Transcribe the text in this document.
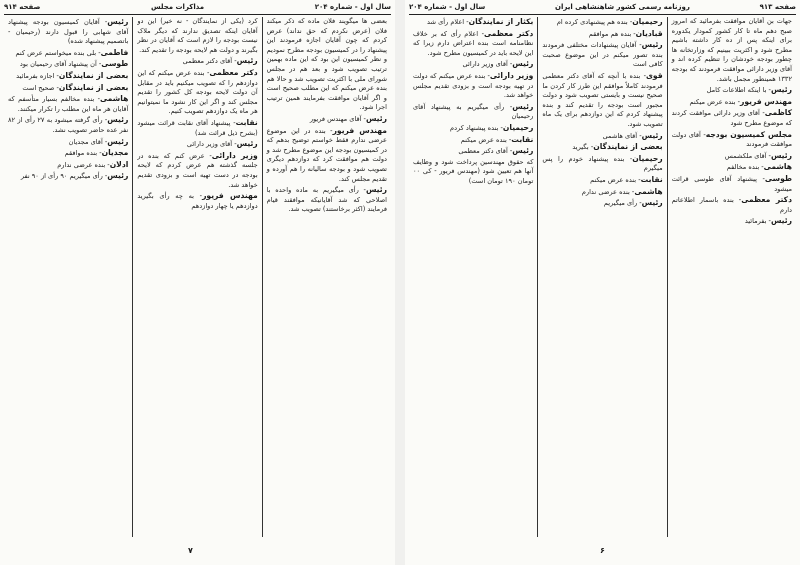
سال اول - شماره ۲۰۴
مذاکرات مجلس
صفحه ۹۱۴

بعضی ها میگویند فلان ماده که ذکر میکند فلان (عرض نکردم که حق نداند) عرض کردم که چون آقایان اجازه فرمودند این پیشنهاد را در کمیسیون بودجه مطرح نمودیم و نظر کمیسیون این بود که این ماده بهمین ترتیب تصویب شود و بعد هم در مجلس شورای ملی با اکثریت تصویب شد و حالا هم بنده عرض میکنم که این مطلب صحیح است و اگر آقایان موافقت بفرمایند همین ترتیب اجرا شود.

رئیس- آقای مهندس فریور

مهندس فریور- بنده در این موضوع عرضی ندارم فقط خواستم توضیح بدهم که در کمیسیون بودجه این موضوع مطرح شد و دولت هم موافقت کرد که دوازدهم دیگری تصویب شود و بودجه سالیانه را هم آورده و تقدیم مجلس کند.

رئیس- رأی میگیریم به ماده واحده با اصلاحی که شد آقایانیکه موافقند قیام فرمایند (اکثر برخاستند) تصویب شد.

کرد (یکی از نمایندگان - نه خیر) این دو آقایان اینکه تصدیق ندارند که دیگر ملاک نیست بودجه را لازم است که آقایان در نظر بگیرند و دولت هم لایحه بودجه را تقدیم کند.

رئیس- آقای دکتر معظمی

دکتر معظمی- بنده عرض میکنم که این دوازدهم را که تصویب میکنیم باید در مقابل آن دولت لایحه بودجه کل کشور را تقدیم مجلس کند و اگر این کار نشود ما نمیتوانیم هر ماه یک دوازدهم تصویب کنیم.

نقابت- پیشنهاد آقای نقابت قرائت میشود (بشرح ذیل قرائت شد)

رئیس- آقای وزیر دارائی

وزیر دارائی- عرض کنم که بنده در جلسه گذشته هم عرض کردم که لایحه بودجه در دست تهیه است و بزودی تقدیم خواهد شد.

مهندس فریور- به چه رأی بگیرید دوازدهم یا چهار دوازدهم

رئیس- آقایان کمیسیون بودجه پیشنهاد آقای شهابی را قبول دارند (رحیمیان - باتصمیم پیشنهاد شده)

فاطمی- بلی بنده میخواستم عرض کنم

طوسی- آن پیشنهاد آقای رحیمیان بود

بعضی از نمایندگان- اجازه بفرمائید

بعضی از نمایندگان- صحیح است

هاشمی- بنده مخالفم بسیار متأسفم که آقایان هر ماه این مطلب را تکرار میکنند.

رئیس- رأی گرفته میشود به ۲۷ رأی از ۸۲ نفر عده حاضر تصویب نشد.

رئیس- آقای مجدیان

مجدیان- بنده موافقم

ادلان- بنده عرضی ندارم

رئیس- رأی میگیریم ۹۰ رأی از ۹۰ نفر

۷
صفحه ۹۱۳
روزنامه رسمی کشور شاهنشاهی ایران
سال اول - شماره ۲۰۴

جهات بن آقایان موافقت بفرمائید که امروز صبح دهم ماه تا کار کشور کمودار یکدوره برای اینکه پس از ده کار داشته باشیم مطرح شود و اکثریت ببینیم که وزارتخانه ها چطور بودجه خودشان را تنظیم کرده اند و آقای وزیر دارائی موافقت فرمودند که بودجه ۱۳۳۲ همینطور مجمل باشد.

رئیس- با اینکه اطلاعات کامل

مهندس فریور- بنده عرض میکنم

کاظمی- آقای وزیر دارائی موافقت کردند که موضوع مطرح شود

مجلس کمیسیون بودجه- آقای دولت موافقت فرمودند

رئیس- آقای ملکشمس

هاشمی- بنده مخالفم

طوسی- پیشنهاد آقای طوسی قرائت میشود

دکتر معظمی- بنده باسمار اطلاعاتم دارم

رئیس- بفرمائید

رحیمیان- بنده هم پیشنهادی کرده ام

قبادیان- بنده هم موافقم

رئیس- آقایان پیشنهادات مختلفی فرمودند بنده تصور میکنم در این موضوع صحبت کافی است

قوی- بنده با آنچه که آقای دکتر معظمی فرمودند کاملاً موافقم این طرز کار کردن ما صحیح نیست و بایستی تصویب شود و دولت مجبور است بودجه را تقدیم کند و بنده پیشنهاد کردم که این دوازدهم برای یک ماه تصویب شود.

رئیس- آقای هاشمی

بعضی از نمایندگان- بگیرید

رحیمیان- بنده پیشنهاد خودم را پس میگیرم

نقابت- بنده عرض میکنم

هاشمی- بنده عرضی ندارم

رئیس- رأی میگیریم

بکثار از نمایندگان- اعلام رأی شد

دکتر معظمی- اعلام رأی که بر خلاف نظامنامه است بنده اعتراض دارم زیرا که این لایحه باید در کمیسیون مطرح شود.

رئیس- آقای وزیر دارائی

وزیر دارائی- بنده عرض میکنم که دولت در تهیه بودجه است و بزودی تقدیم مجلس خواهد شد.

رئیس- رأی میگیریم به پیشنهاد آقای رحیمیان

رحیمیان- بنده پیشنهاد کردم

نقابت- بنده عرض میکنم

رئیس- آقای دکتر معظمی

که حقوق مهندسین پرداخت شود و وظایف آنها هم تعیین شود (مهندس فریور - کی ۰۰ تومان ۱۹۰ تومان است)

۶
